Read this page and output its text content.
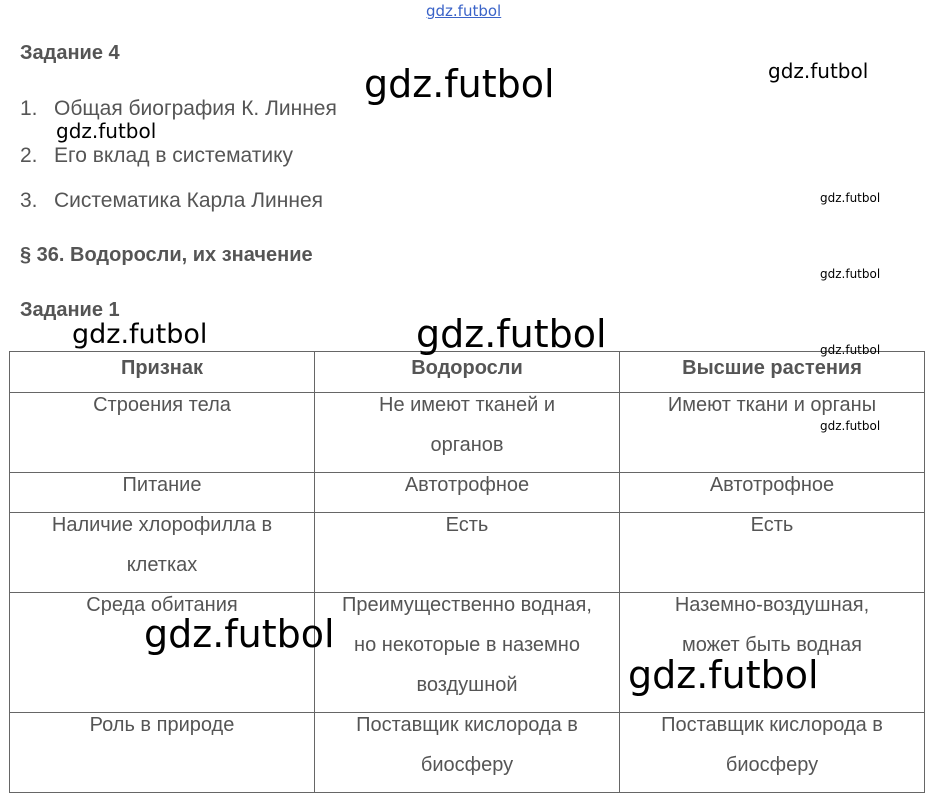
gdz.futbol
gdz.futbol	gdz.futbol
gdz.futbol
gdz.futbol
gdz.futbol
gdz.futbol	gdz.futbol	gdz.futbol
gdz.futbol
gdz.futbol
gdz.futbol
Задание 4
1. Общая биография К. Линнея
2. Его вклад в систематику
3. Систематика Карла Линнея
§ 36. Водоросли, их значение
Задание 1
Признак	Водоросли	Высшие растения

Строения тела	Не имеют тканей и органов	Имеют ткани и органы

Питание	Автотрофное	Автотрофное

Наличие хлорофилла в клетках	Есть	Есть

Среда обитания	Преимущественно водная, но некоторые в наземно воздушной	Наземно-воздушная, может быть водная

Роль в природе	Поставщик кислорода в биосферу	Поставщик кислорода в биосферу
